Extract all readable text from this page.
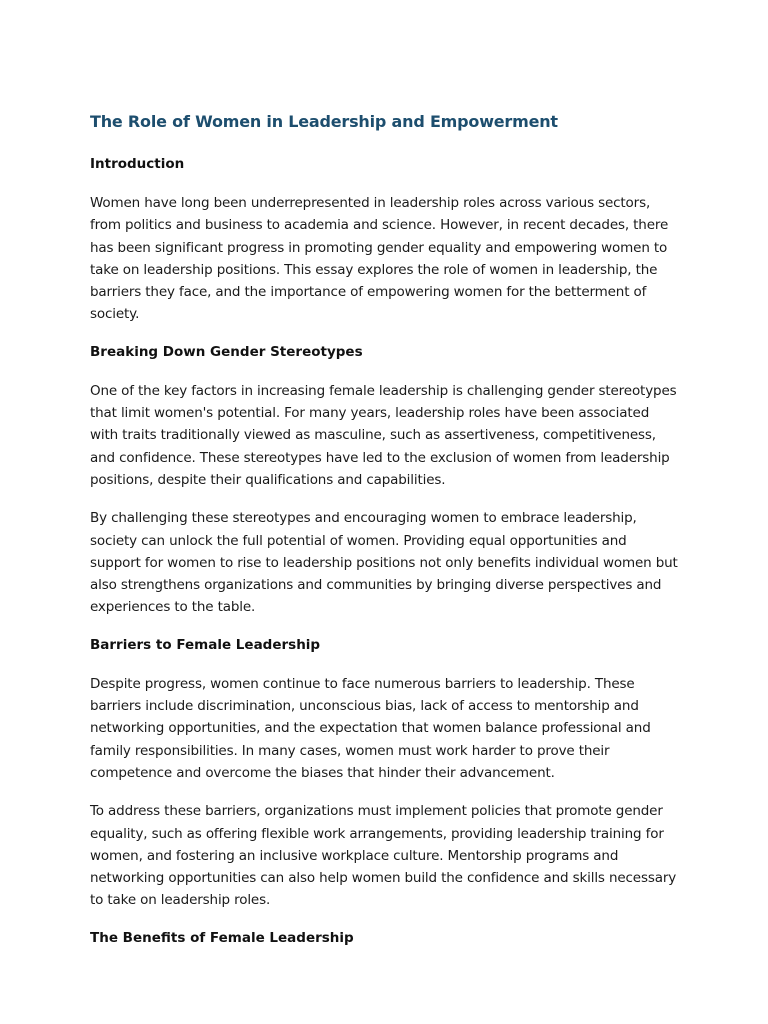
The Role of Women in Leadership and Empowerment
Introduction

Women have long been underrepresented in leadership roles across various sectors, from politics and business to academia and science. However, in recent decades, there has been significant progress in promoting gender equality and empowering women to take on leadership positions. This essay explores the role of women in leadership, the barriers they face, and the importance of empowering women for the betterment of society.

Breaking Down Gender Stereotypes

One of the key factors in increasing female leadership is challenging gender stereotypes that limit women's potential. For many years, leadership roles have been associated with traits traditionally viewed as masculine, such as assertiveness, competitiveness, and confidence. These stereotypes have led to the exclusion of women from leadership positions, despite their qualifications and capabilities.

By challenging these stereotypes and encouraging women to embrace leadership, society can unlock the full potential of women. Providing equal opportunities and support for women to rise to leadership positions not only benefits individual women but also strengthens organizations and communities by bringing diverse perspectives and experiences to the table.

Barriers to Female Leadership

Despite progress, women continue to face numerous barriers to leadership. These barriers include discrimination, unconscious bias, lack of access to mentorship and networking opportunities, and the expectation that women balance professional and family responsibilities. In many cases, women must work harder to prove their competence and overcome the biases that hinder their advancement.

To address these barriers, organizations must implement policies that promote gender equality, such as offering flexible work arrangements, providing leadership training for women, and fostering an inclusive workplace culture. Mentorship programs and networking opportunities can also help women build the confidence and skills necessary to take on leadership roles.

The Benefits of Female Leadership
